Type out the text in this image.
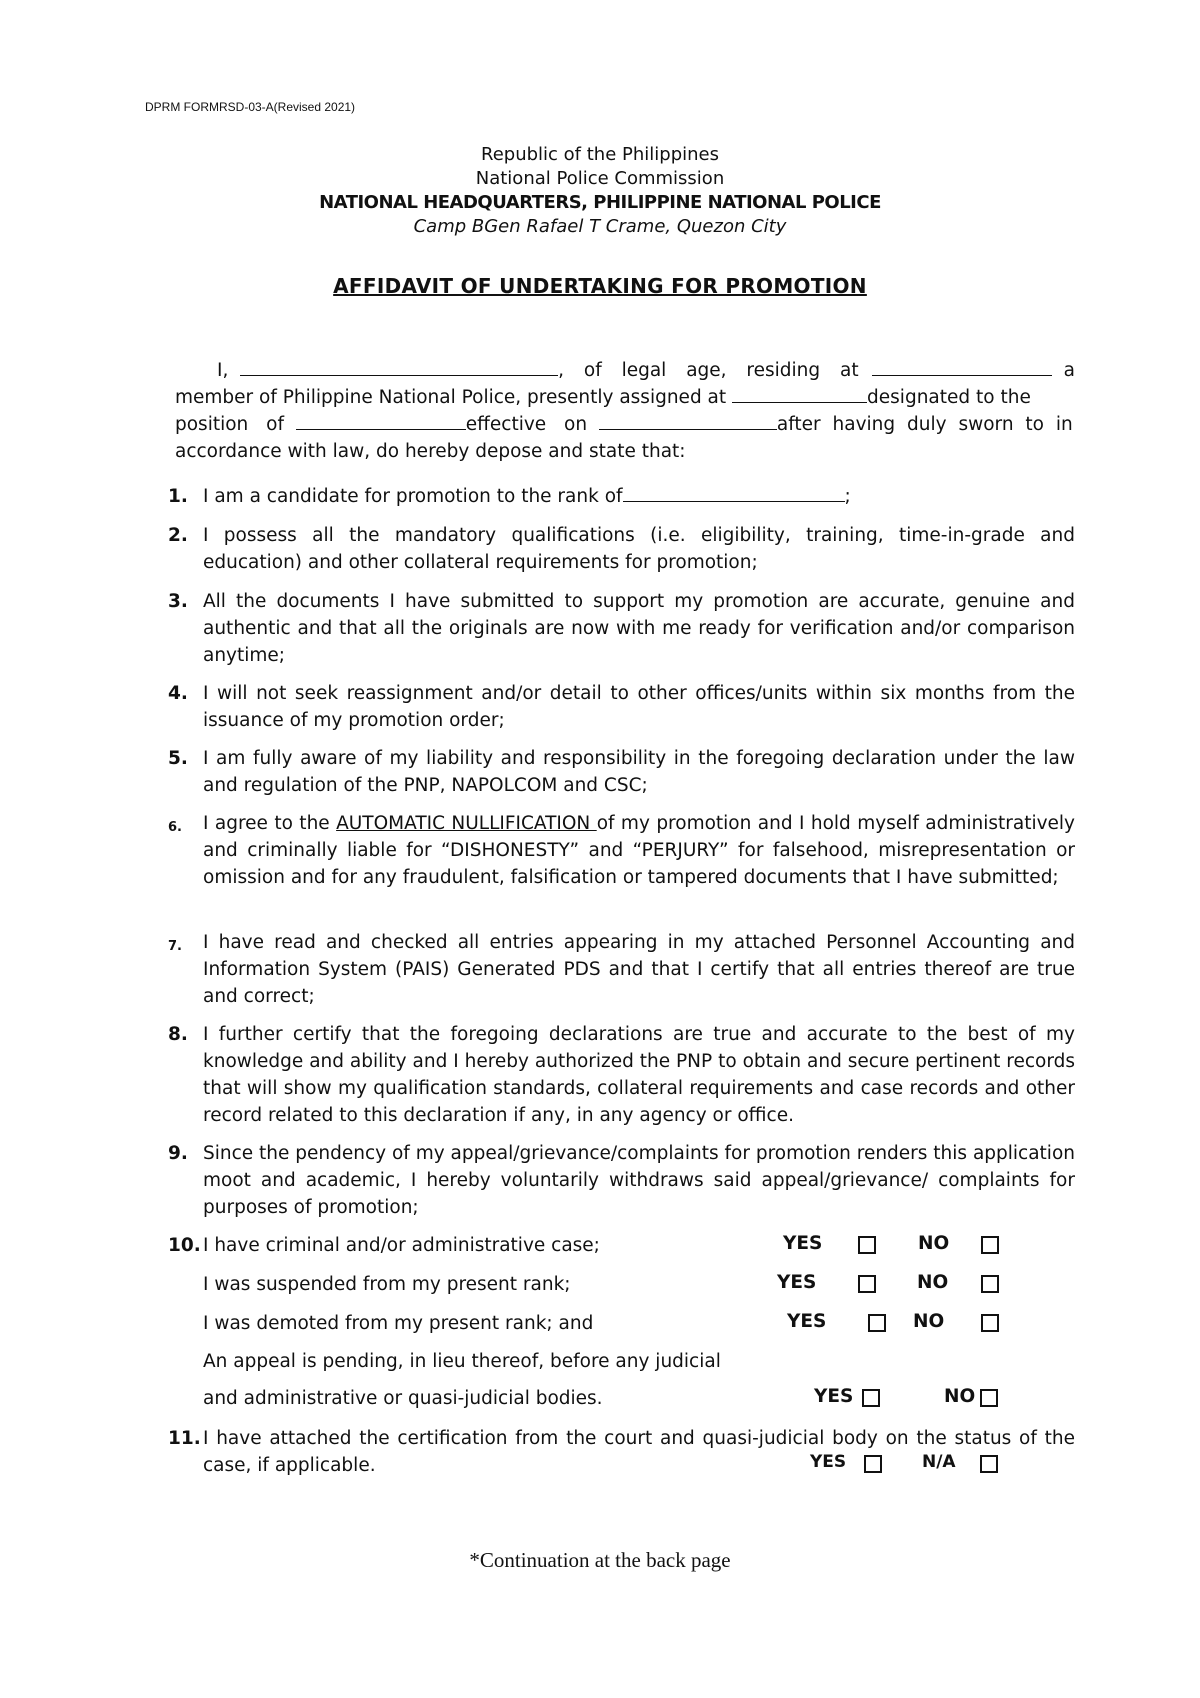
DPRM FORMRSD-03-A(Revised 2021)
Republic of the Philippines
National Police Commission
NATIONAL HEADQUARTERS, PHILIPPINE NATIONAL POLICE
Camp BGen Rafael T Crame, Quezon City
AFFIDAVIT OF UNDERTAKING FOR PROMOTION
I,	, of legal age, residing at	a
member of Philippine National Police, presently assigned at	designated to the
position of	effective on	after having duly sworn to in
accordance with law, do hereby depose and state that:
1. I am a candidate for promotion to the rank of	;
2. I possess all the mandatory qualifications (i.e. eligibility, training, time-in-grade and education) and other collateral requirements for promotion;
3. All the documents I have submitted to support my promotion are accurate, genuine and authentic and that all the originals are now with me ready for verification and/or comparison anytime;
4. I will not seek reassignment and/or detail to other offices/units within six months from the issuance of my promotion order;
5. I am fully aware of my liability and responsibility in the foregoing declaration under the law and regulation of the PNP, NAPOLCOM and CSC;
6. I agree to the AUTOMATIC NULLIFICATION of my promotion and I hold myself administratively and criminally liable for “DISHONESTY” and “PERJURY” for falsehood, misrepresentation or omission and for any fraudulent, falsification or tampered documents that I have submitted;
7. I have read and checked all entries appearing in my attached Personnel Accounting and Information System (PAIS) Generated PDS and that I certify that all entries thereof are true and correct;
8. I further certify that the foregoing declarations are true and accurate to the best of my knowledge and ability and I hereby authorized the PNP to obtain and secure pertinent records that will show my qualification standards, collateral requirements and case records and other record related to this declaration if any, in any agency or office.
9. Since the pendency of my appeal/grievance/complaints for promotion renders this application moot and academic, I hereby voluntarily withdraws said appeal/grievance/ complaints for purposes of promotion;
10. I have criminal and/or administrative case;	YES	NO
I was suspended from my present rank;	YES	NO
I was demoted from my present rank; and	YES	NO
An appeal is pending, in lieu thereof, before any judicial
and administrative or quasi-judicial bodies.	YES	NO
11. I have attached the certification from the court and quasi-judicial body on the status of the case, if applicable.	YES	N/A
*Continuation at the back page
